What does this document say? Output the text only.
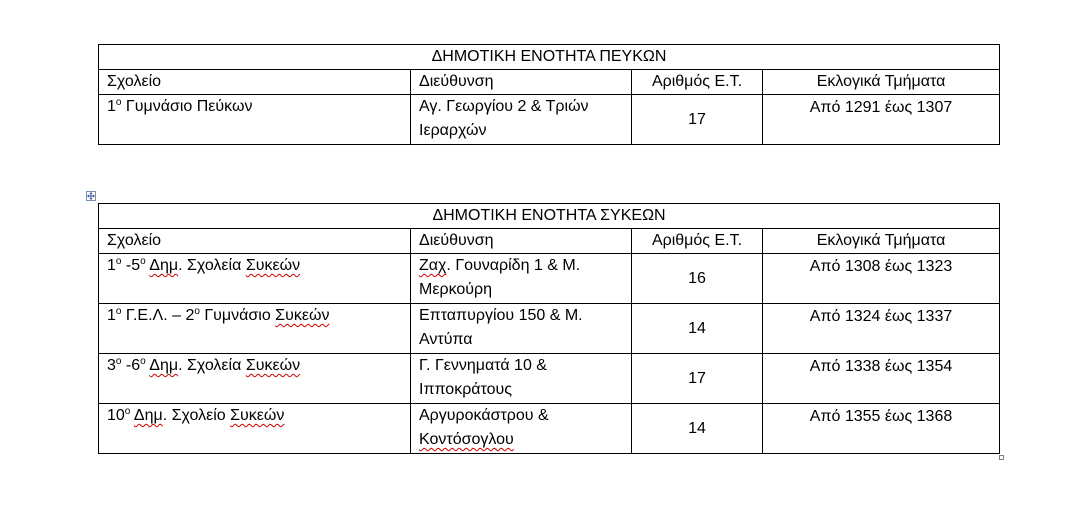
ΔΗΜΟΤΙΚΗ ΕΝΟΤΗΤΑ ΠΕΥΚΩΝ			
Σχολείο	Διεύθυνση	Αριθμός Ε.Τ.	Εκλογικά Τμήματα
$1^o$ Γυμνάσιο Πεύκων	Αγ. Γεωργίου 2 & Τριών Ιεραρχών	17	Από 1291 έως 1307
ΔΗΜΟΤΙΚΗ ΕΝΟΤΗΤΑ ΣΥΚΕΩΝ			
Σχολείο	Διεύθυνση	Αριθμός Ε.Τ.	Εκλογικά Τμήματα
$1^o$ $-5^o$ Δημ. Σχολεία Συκεών	Ζαχ. Γουναρίδη 1 & Μ. Μερκούρη	16	Από 1308 έως 1323
$1^o$ Γ.Ε.Λ. – $2^o$ Γυμνάσιο Συκεών	Επταπυργίου 150 & Μ. Αντύπα	14	Από 1324 έως 1337
$3^o$ $-6^o$ Δημ. Σχολεία Συκεών	Γ. Γεννηματά 10 & Ιπποκράτους	17	Από 1338 έως 1354
$10^o$ Δημ. Σχολείο Συκεών	Αργυροκάστρου & Κοντόσογλου	14	Από 1355 έως 1368
